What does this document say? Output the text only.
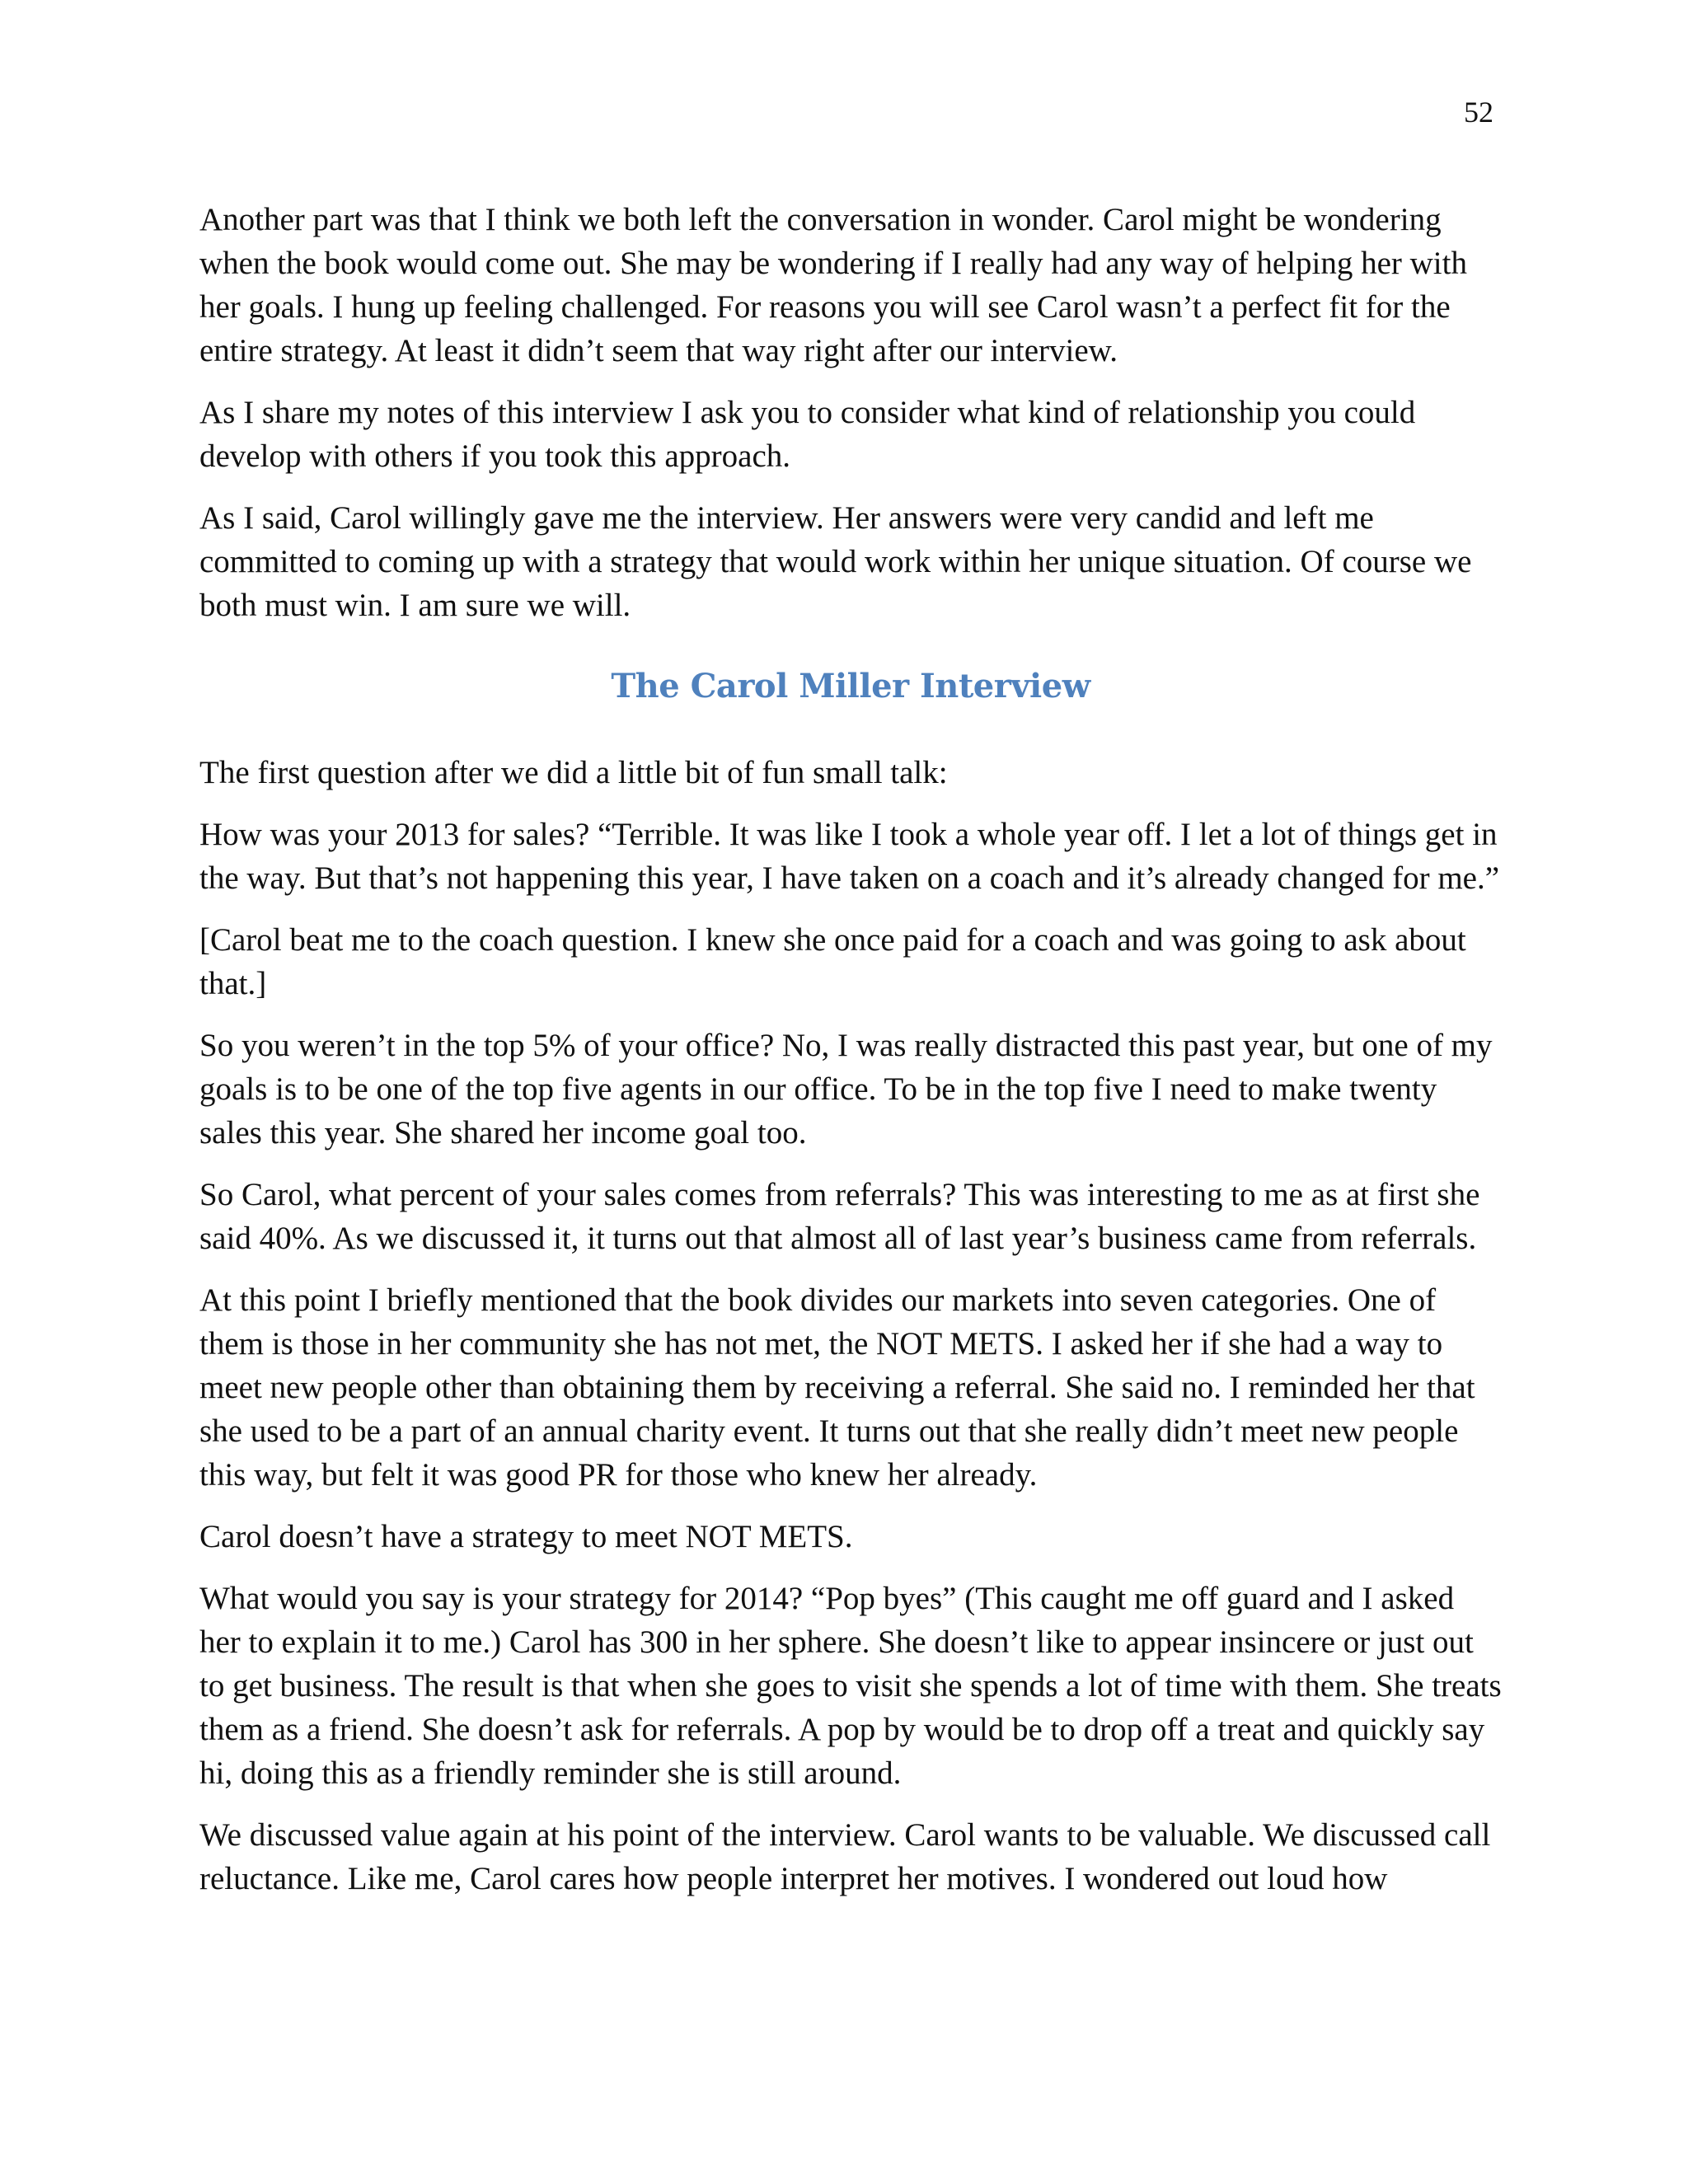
52

Another part was that I think we both left the conversation in wonder. Carol might be wondering when the book would come out. She may be wondering if I really had any way of helping her with her goals. I hung up feeling challenged. For reasons you will see Carol wasn’t a perfect fit for the entire strategy. At least it didn’t seem that way right after our interview.

As I share my notes of this interview I ask you to consider what kind of relationship you could develop with others if you took this approach.

As I said, Carol willingly gave me the interview. Her answers were very candid and left me committed to coming up with a strategy that would work within her unique situation. Of course we both must win. I am sure we will.

The Carol Miller Interview

The first question after we did a little bit of fun small talk:

How was your 2013 for sales? “Terrible. It was like I took a whole year off. I let a lot of things get in the way. But that’s not happening this year, I have taken on a coach and it’s already changed for me.”

[Carol beat me to the coach question. I knew she once paid for a coach and was going to ask about that.]

So you weren’t in the top 5% of your office? No, I was really distracted this past year, but one of my goals is to be one of the top five agents in our office. To be in the top five I need to make twenty sales this year. She shared her income goal too.

So Carol, what percent of your sales comes from referrals? This was interesting to me as at first she said 40%. As we discussed it, it turns out that almost all of last year’s business came from referrals.

At this point I briefly mentioned that the book divides our markets into seven categories. One of them is those in her community she has not met, the NOT METS. I asked her if she had a way to meet new people other than obtaining them by receiving a referral. She said no. I reminded her that she used to be a part of an annual charity event. It turns out that she really didn’t meet new people this way, but felt it was good PR for those who knew her already.

Carol doesn’t have a strategy to meet NOT METS.

What would you say is your strategy for 2014? “Pop byes” (This caught me off guard and I asked her to explain it to me.) Carol has 300 in her sphere. She doesn’t like to appear insincere or just out to get business. The result is that when she goes to visit she spends a lot of time with them. She treats them as a friend. She doesn’t ask for referrals. A pop by would be to drop off a treat and quickly say hi, doing this as a friendly reminder she is still around.

We discussed value again at his point of the interview. Carol wants to be valuable. We discussed call reluctance. Like me, Carol cares how people interpret her motives. I wondered out loud how
